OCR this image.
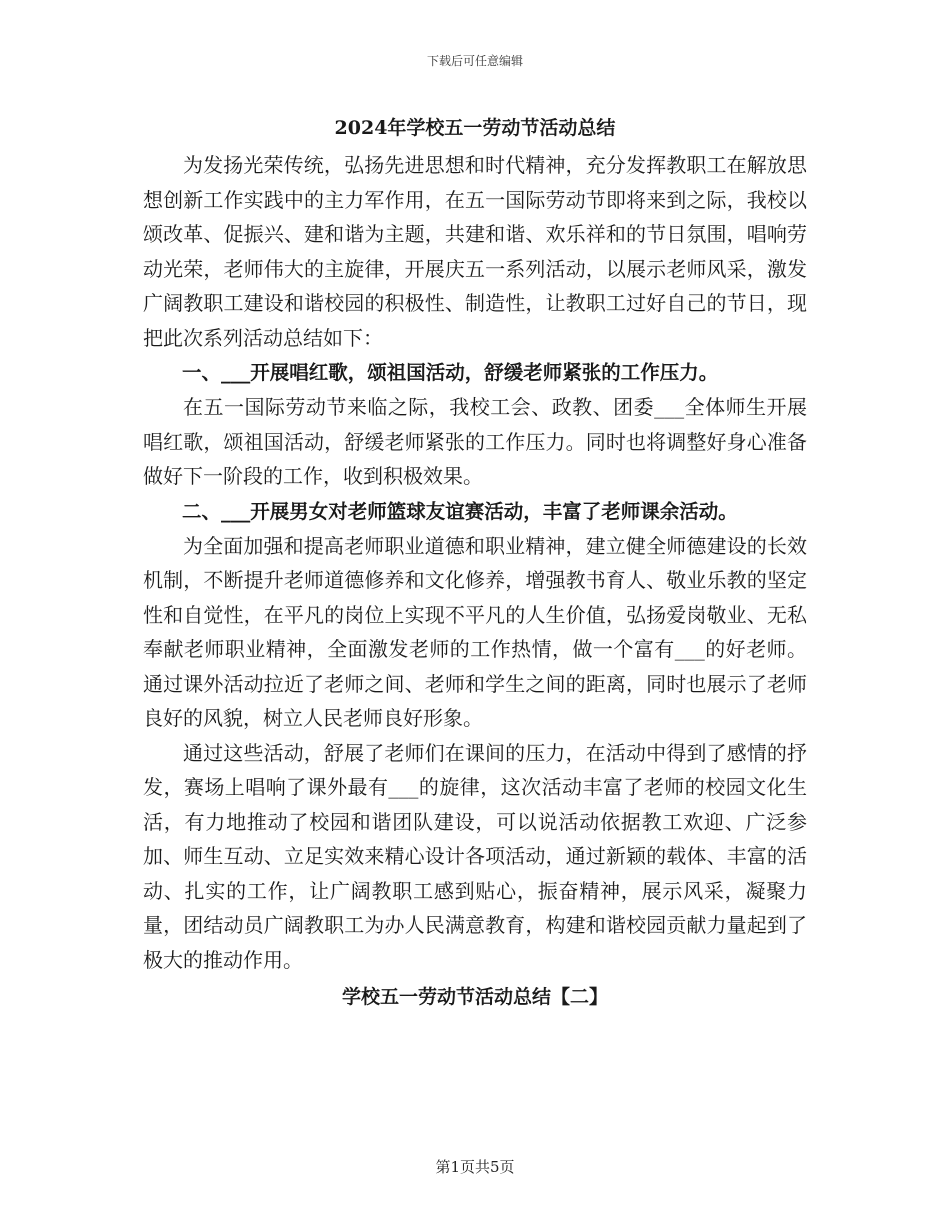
下载后可任意编辑
2024年学校五一劳动节活动总结

为发扬光荣传统，弘扬先进思想和时代精神，充分发挥教职工在解放思想创新工作实践中的主力军作用，在五一国际劳动节即将来到之际，我校以颂改革、促振兴、建和谐为主题，共建和谐、欢乐祥和的节日氛围，唱响劳动光荣，老师伟大的主旋律，开展庆五一系列活动，以展示老师风采，激发广阔教职工建设和谐校园的积极性、制造性，让教职工过好自己的节日，现把此次系列活动总结如下：

一、___开展唱红歌，颂祖国活动，舒缓老师紧张的工作压力。

在五一国际劳动节来临之际，我校工会、政教、团委___全体师生开展唱红歌，颂祖国活动，舒缓老师紧张的工作压力。同时也将调整好身心准备做好下一阶段的工作，收到积极效果。

二、___开展男女对老师篮球友谊赛活动，丰富了老师课余活动。

为全面加强和提高老师职业道德和职业精神，建立健全师德建设的长效机制，不断提升老师道德修养和文化修养，增强教书育人、敬业乐教的坚定性和自觉性，在平凡的岗位上实现不平凡的人生价值，弘扬爱岗敬业、无私奉献老师职业精神，全面激发老师的工作热情，做一个富有___的好老师。通过课外活动拉近了老师之间、老师和学生之间的距离，同时也展示了老师良好的风貌，树立人民老师良好形象。

通过这些活动，舒展了老师们在课间的压力，在活动中得到了感情的抒发，赛场上唱响了课外最有___的旋律，这次活动丰富了老师的校园文化生活，有力地推动了校园和谐团队建设，可以说活动依据教工欢迎、广泛参加、师生互动、立足实效来精心设计各项活动，通过新颖的载体、丰富的活动、扎实的工作，让广阔教职工感到贴心，振奋精神，展示风采，凝聚力量，团结动员广阔教职工为办人民满意教育，构建和谐校园贡献力量起到了极大的推动作用。

学校五一劳动节活动总结【二】
第1页共5页
